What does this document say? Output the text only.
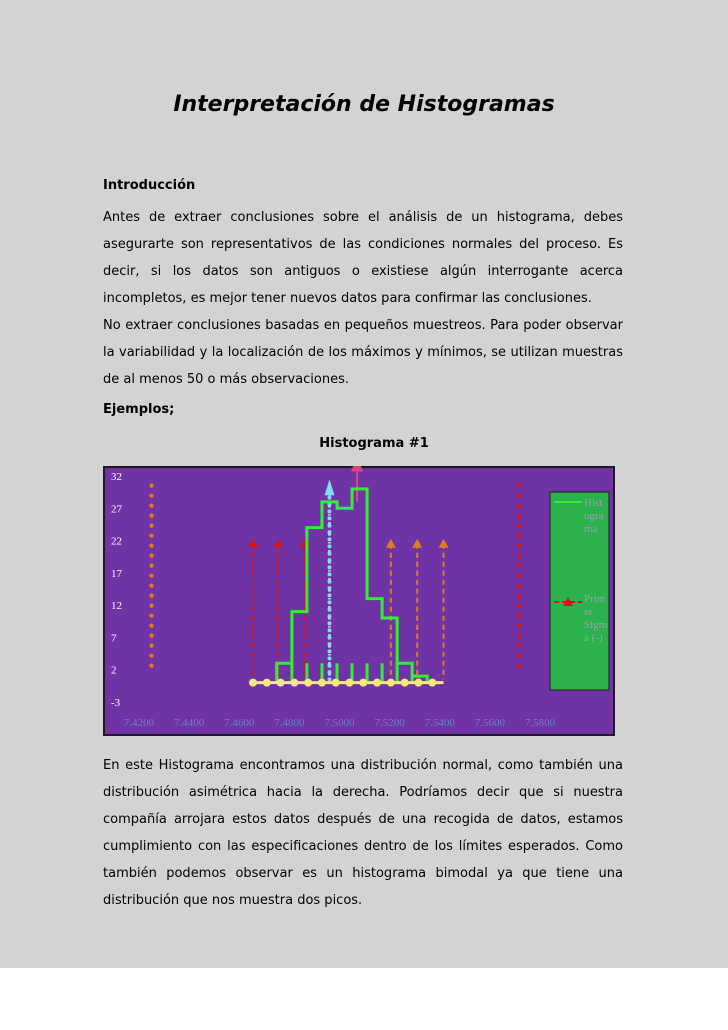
Interpretación de Histogramas
Introducción
Antes de extraer conclusiones sobre el análisis de un histograma, debes asegurarte son representativos de las condiciones normales del proceso. Es decir, si los datos son antiguos o existiese algún interrogante acerca incompletos, es mejor tener nuevos datos para confirmar las conclusiones.
No extraer conclusiones basadas en pequeños muestreos. Para poder observar la variabilidad y la localización de los máximos y mínimos, se utilizan muestras de al menos 50 o más observaciones.
Ejemplos;
Histograma #1
32
27
22
17
12
7
2
-3
7.4200 7.4400 7.4600 7.4800 7.5000 7.5200 7.5400 7.5600 7.5800
Hist
ogra
ma
Prim
er
Sigm
a (-)
En este Histograma encontramos una distribución normal, como también una distribución asimétrica hacia la derecha. Podríamos decir que si nuestra compañía arrojara estos datos después de una recogida de datos, estamos cumplimiento con las especificaciones dentro de los límites esperados. Como también podemos observar es un histograma bimodal ya que tiene una distribución que nos muestra dos picos.
